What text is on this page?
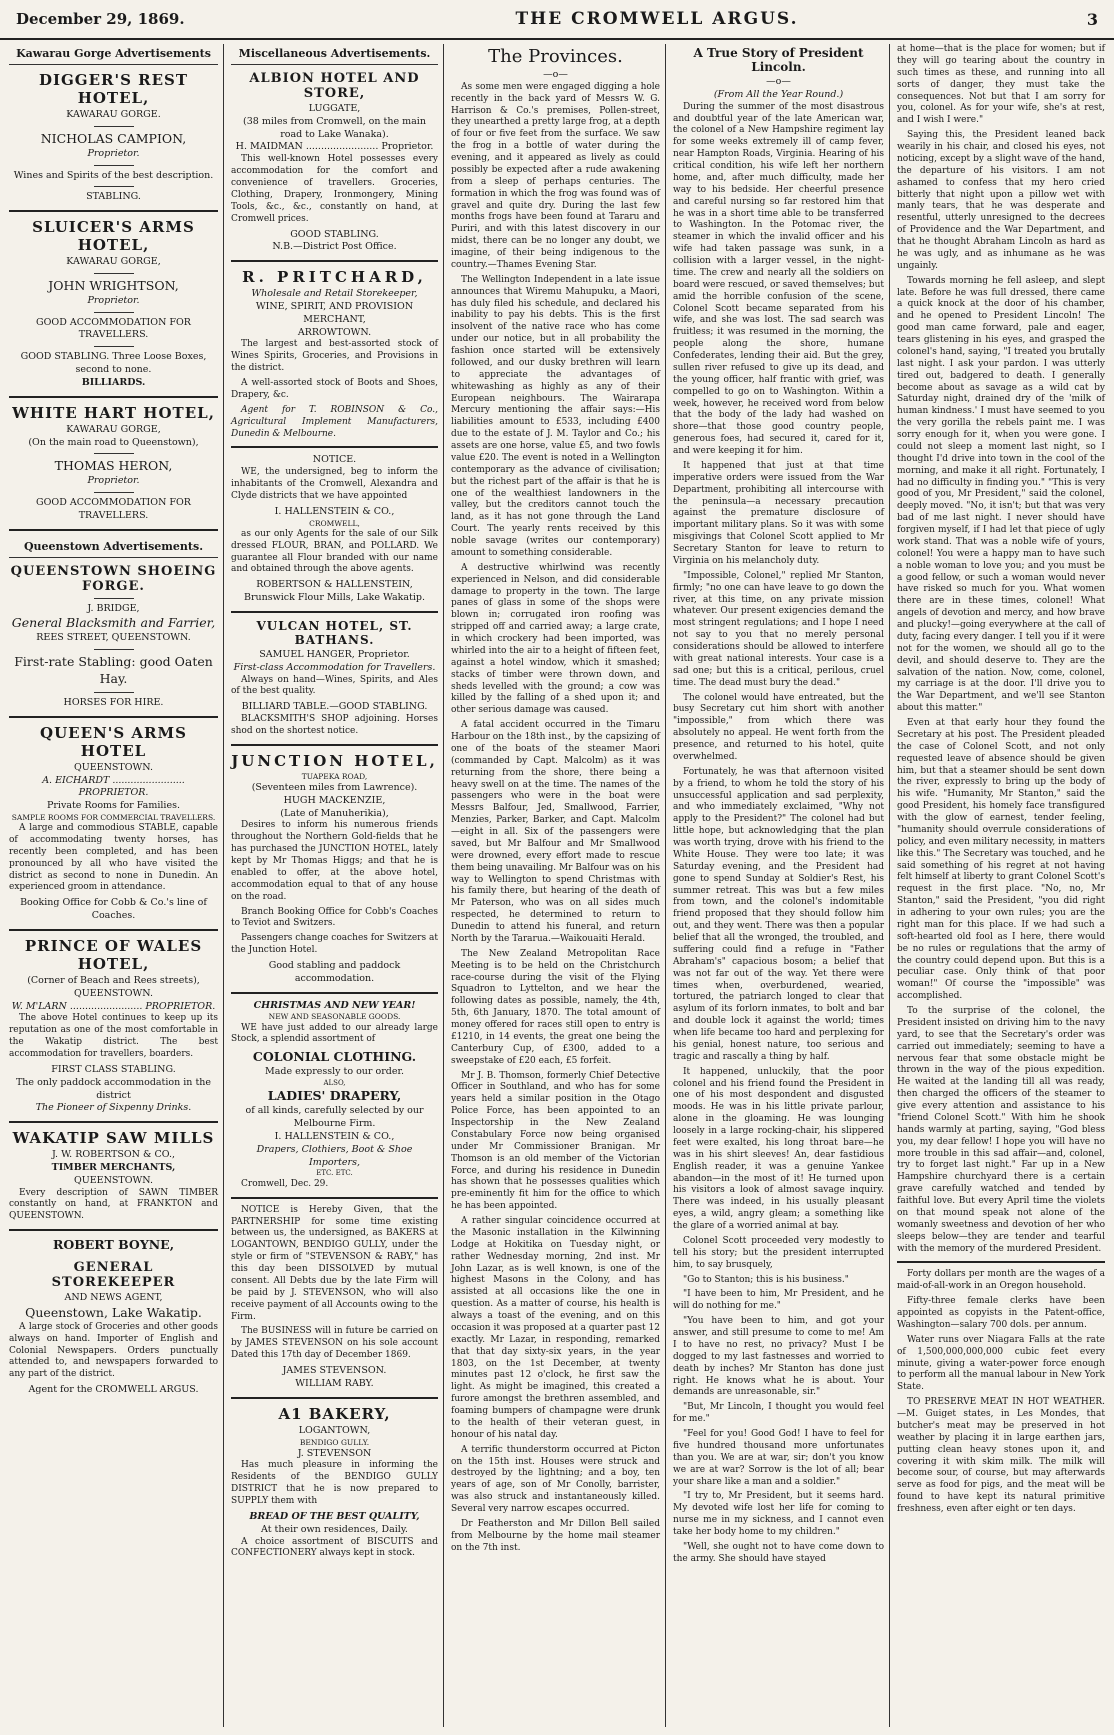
December 29, 1869.	THE CROMWELL ARGUS.	3
Kawarau Gorge Advertisements
DIGGER'S REST HOTEL,
KAWARAU GORGE.
NICHOLAS CAMPION,
Proprietor.
Wines and Spirits of the best description.
STABLING.
SLUICER'S ARMS HOTEL,
KAWARAU GORGE,
JOHN WRIGHTSON,
Proprietor.
GOOD ACCOMMODATION FOR TRAVELLERS.
GOOD STABLING. Three Loose Boxes, second to none.
BILLIARDS.
WHITE HART HOTEL,
KAWARAU GORGE,
(On the main road to Queenstown),
THOMAS HERON,
Proprietor.
GOOD ACCOMMODATION FOR TRAVELLERS.
Queenstown Advertisements.
QUEENSTOWN SHOEING FORGE.
J. BRIDGE,
General Blacksmith and Farrier,
REES STREET, QUEENSTOWN.
First-rate Stabling: good Oaten Hay.
HORSES FOR HIRE.
QUEEN'S ARMS HOTEL
QUEENSTOWN.
A. EICHARDT ........................ PROPRIETOR.
Private Rooms for Families.
SAMPLE ROOMS FOR COMMERCIAL TRAVELLERS.
A large and commodious STABLE, capable of accommodating twenty horses, has recently been completed, and has been pronounced by all who have visited the district as second to none in Dunedin. An experienced groom in attendance.
Booking Office for Cobb & Co.'s line of Coaches.
PRINCE OF WALES HOTEL,
(Corner of Beach and Rees streets),
QUEENSTOWN.
W. M'LARN ........................ PROPRIETOR.
The above Hotel continues to keep up its reputation as one of the most comfortable in the Wakatip district. The best accommodation for travellers, boarders.
FIRST CLASS STABLING.
The only paddock accommodation in the district
The Pioneer of Sixpenny Drinks.
WAKATIP SAW MILLS
J. W. ROBERTSON & CO.,
TIMBER MERCHANTS,
QUEENSTOWN.
Every description of SAWN TIMBER constantly on hand, at FRANKTON and QUEENSTOWN.
ROBERT BOYNE,
GENERAL STOREKEEPER
AND NEWS AGENT,
Queenstown, Lake Wakatip.
A large stock of Groceries and other goods always on hand. Importer of English and Colonial Newspapers. Orders punctually attended to, and newspapers forwarded to any part of the district.
Agent for the CROMWELL ARGUS.
Miscellaneous Advertisements.
ALBION HOTEL AND STORE,
LUGGATE,
(38 miles from Cromwell, on the main road to Lake Wanaka).
H. MAIDMAN ........................ Proprietor.
This well-known Hotel possesses every accommodation for the comfort and convenience of travellers. Groceries, Clothing, Drapery, Ironmongery, Mining Tools, &c., &c., constantly on hand, at Cromwell prices.
GOOD STABLING.
N.B.—District Post Office.
R. PRITCHARD,
Wholesale and Retail Storekeeper,
WINE, SPIRIT, AND PROVISION MERCHANT,
ARROWTOWN.
The largest and best-assorted stock of Wines Spirits, Groceries, and Provisions in the district.
A well-assorted stock of Boots and Shoes, Drapery, &c.
Agent for T. ROBINSON & Co., Agricultural Implement Manufacturers, Dunedin & Melbourne.
NOTICE.
WE, the undersigned, beg to inform the inhabitants of the Cromwell, Alexandra and Clyde districts that we have appointed
I. HALLENSTEIN & CO.,
CROMWELL,
as our only Agents for the sale of our Silk dressed FLOUR, BRAN, and POLLARD. We guarantee all Flour branded with our name and obtained through the above agents.
ROBERTSON & HALLENSTEIN,
Brunswick Flour Mills, Lake Wakatip.
VULCAN HOTEL, ST. BATHANS.
SAMUEL HANGER, Proprietor.
First-class Accommodation for Travellers.
Always on hand—Wines, Spirits, and Ales of the best quality.
BILLIARD TABLE.—GOOD STABLING.
BLACKSMITH'S SHOP adjoining. Horses shod on the shortest notice.
JUNCTION HOTEL,
TUAPEKA ROAD,
(Seventeen miles from Lawrence).
HUGH MACKENZIE,
(Late of Manuherikia),
Desires to inform his numerous friends throughout the Northern Gold-fields that he has purchased the JUNCTION HOTEL, lately kept by Mr Thomas Higgs; and that he is enabled to offer, at the above hotel, accommodation equal to that of any house on the road.
Branch Booking Office for Cobb's Coaches to Teviot and Switzers.
Passengers change coaches for Switzers at the Junction Hotel.
Good stabling and paddock accommodation.
CHRISTMAS AND NEW YEAR!
NEW AND SEASONABLE GOODS.
WE have just added to our already large Stock, a splendid assortment of
COLONIAL CLOTHING.
Made expressly to our order.
ALSO,
LADIES' DRAPERY,
of all kinds, carefully selected by our Melbourne Firm.
I. HALLENSTEIN & CO.,
Drapers, Clothiers, Boot & Shoe Importers,
ETC. ETC.
Cromwell, Dec. 29.
NOTICE is Hereby Given, that the PARTNERSHIP for some time existing between us, the undersigned, as BAKERS at LOGANTOWN, BENDIGO GULLY, under the style or firm of "STEVENSON & RABY," has this day been DISSOLVED by mutual consent. All Debts due by the late Firm will be paid by J. STEVENSON, who will also receive payment of all Accounts owing to the Firm.
The BUSINESS will in future be carried on by JAMES STEVENSON on his sole account Dated this 17th day of December 1869.
JAMES STEVENSON.
WILLIAM RABY.
A1 BAKERY,
LOGANTOWN,
BENDIGO GULLY.
J. STEVENSON
Has much pleasure in informing the Residents of the BENDIGO GULLY DISTRICT that he is now prepared to SUPPLY them with
BREAD OF THE BEST QUALITY,
At their own residences, Daily.
A choice assortment of BISCUITS and CONFECTIONERY always kept in stock.
The Provinces.
—o—

As some men were engaged digging a hole recently in the back yard of Messrs W. G. Harrison & Co.'s premises, Pollen-street, they unearthed a pretty large frog, at a depth of four or five feet from the surface. We saw the frog in a bottle of water during the evening, and it appeared as lively as could possibly be expected after a rude awakening from a sleep of perhaps centuries. The formation in which the frog was found was of gravel and quite dry. During the last few months frogs have been found at Tararu and Puriri, and with this latest discovery in our midst, there can be no longer any doubt, we imagine, of their being indigenous to the country.—Thames Evening Star.

The Wellington Independent in a late issue announces that Wiremu Mahupuku, a Maori, has duly filed his schedule, and declared his inability to pay his debts. This is the first insolvent of the native race who has come under our notice, but in all probability the fashion once started will be extensively followed, and our dusky brethren will learn to appreciate the advantages of whitewashing as highly as any of their European neighbours. The Wairarapa Mercury mentioning the affair says:—His liabilities amount to £533, including £400 due to the estate of J. M. Taylor and Co.; his assets are one horse, value £5, and two fowls value £20. The event is noted in a Wellington contemporary as the advance of civilisation; but the richest part of the affair is that he is one of the wealthiest landowners in the valley, but the creditors cannot touch the land, as it has not gone through the Land Court. The yearly rents received by this noble savage (writes our contemporary) amount to something considerable.

A destructive whirlwind was recently experienced in Nelson, and did considerable damage to property in the town. The large panes of glass in some of the shops were blown in; corrugated iron roofing was stripped off and carried away; a large crate, in which crockery had been imported, was whirled into the air to a height of fifteen feet, against a hotel window, which it smashed; stacks of timber were thrown down, and sheds levelled with the ground; a cow was killed by the falling of a shed upon it; and other serious damage was caused.

A fatal accident occurred in the Timaru Harbour on the 18th inst., by the capsizing of one of the boats of the steamer Maori (commanded by Capt. Malcolm) as it was returning from the shore, there being a heavy swell on at the time. The names of the passengers who were in the boat were Messrs Balfour, Jed, Smallwood, Farrier, Menzies, Parker, Barker, and Capt. Malcolm—eight in all. Six of the passengers were saved, but Mr Balfour and Mr Smallwood were drowned, every effort made to rescue them being unavailing. Mr Balfour was on his way to Wellington to spend Christmas with his family there, but hearing of the death of Mr Paterson, who was on all sides much respected, he determined to return to Dunedin to attend his funeral, and return North by the Tararua.—Waikouaiti Herald.

The New Zealand Metropolitan Race Meeting is to be held on the Christchurch race-course during the visit of the Flying Squadron to Lyttelton, and we hear the following dates as possible, namely, the 4th, 5th, 6th January, 1870. The total amount of money offered for races still open to entry is £1210, in 14 events, the great one being the Canterbury Cup, of £300, added to a sweepstake of £20 each, £5 forfeit.

Mr J. B. Thomson, formerly Chief Detective Officer in Southland, and who has for some years held a similar position in the Otago Police Force, has been appointed to an Inspectorship in the New Zealand Constabulary Force now being organised under Mr Commissioner Branigan. Mr Thomson is an old member of the Victorian Force, and during his residence in Dunedin has shown that he possesses qualities which pre-eminently fit him for the office to which he has been appointed.

A rather singular coincidence occurred at the Masonic installation in the Kilwinning Lodge at Hokitika on Tuesday night, or rather Wednesday morning, 2nd inst. Mr John Lazar, as is well known, is one of the highest Masons in the Colony, and has assisted at all occasions like the one in question. As a matter of course, his health is always a toast of the evening, and on this occasion it was proposed at a quarter past 12 exactly. Mr Lazar, in responding, remarked that that day sixty-six years, in the year 1803, on the 1st December, at twenty minutes past 12 o'clock, he first saw the light. As might be imagined, this created a furore amongst the brethren assembled, and foaming bumpers of champagne were drunk to the health of their veteran guest, in honour of his natal day.

A terrific thunderstorm occurred at Picton on the 15th inst. Houses were struck and destroyed by the lightning; and a boy, ten years of age, son of Mr Conolly, barrister, was also struck and instantaneously killed. Several very narrow escapes occurred.

Dr Featherston and Mr Dillon Bell sailed from Melbourne by the home mail steamer on the 7th inst.

A True Story of President Lincoln.
—o—
(From All the Year Round.)

During the summer of the most disastrous and doubtful year of the late American war, the colonel of a New Hampshire regiment lay for some weeks extremely ill of camp fever, near Hampton Roads, Virginia. Hearing of his critical condition, his wife left her northern home, and, after much difficulty, made her way to his bedside. Her cheerful presence and careful nursing so far restored him that he was in a short time able to be transferred to Washington. In the Potomac river, the steamer in which the invalid officer and his wife had taken passage was sunk, in a collision with a larger vessel, in the night-time. The crew and nearly all the soldiers on board were rescued, or saved themselves; but amid the horrible confusion of the scene, Colonel Scott became separated from his wife, and she was lost. The sad search was fruitless; it was resumed in the morning, the people along the shore, humane Confederates, lending their aid. But the grey, sullen river refused to give up its dead, and the young officer, half frantic with grief, was compelled to go on to Washington. Within a week, however, he received word from below that the body of the lady had washed on shore—that those good country people, generous foes, had secured it, cared for it, and were keeping it for him.

It happened that just at that time imperative orders were issued from the War Department, prohibiting all intercourse with the peninsula—a necessary precaution against the premature disclosure of important military plans. So it was with some misgivings that Colonel Scott applied to Mr Secretary Stanton for leave to return to Virginia on his melancholy duty.

"Impossible, Colonel," replied Mr Stanton, firmly; "no one can have leave to go down the river, at this time, on any private mission whatever. Our present exigencies demand the most stringent regulations; and I hope I need not say to you that no merely personal considerations should be allowed to interfere with great national interests. Your case is a sad one; but this is a critical, perilous, cruel time. The dead must bury the dead."

The colonel would have entreated, but the busy Secretary cut him short with another "impossible," from which there was absolutely no appeal. He went forth from the presence, and returned to his hotel, quite overwhelmed.

Fortunately, he was that afternoon visited by a friend, to whom he told the story of his unsuccessful application and sad perplexity, and who immediately exclaimed, "Why not apply to the President?" The colonel had but little hope, but acknowledging that the plan was worth trying, drove with his friend to the White House. They were too late; it was Saturday evening, and the President had gone to spend Sunday at Soldier's Rest, his summer retreat. This was but a few miles from town, and the colonel's indomitable friend proposed that they should follow him out, and they went. There was then a popular belief that all the wronged, the troubled, and suffering could find a refuge in "Father Abraham's" capacious bosom; a belief that was not far out of the way. Yet there were times when, overburdened, wearied, tortured, the patriarch longed to clear that asylum of its forlorn inmates, to bolt and bar and double lock it against the world; times when life became too hard and perplexing for his genial, honest nature, too serious and tragic and rascally a thing by half.

It happened, unluckily, that the poor colonel and his friend found the President in one of his most despondent and disgusted moods. He was in his little private parlour, alone in the gloaming. He was lounging loosely in a large rocking-chair, his slippered feet were exalted, his long throat bare—he was in his shirt sleeves! An, dear fastidious English reader, it was a genuine Yankee abandon—in the most of it! He turned upon his visitors a look of almost savage inquiry. There was indeed, in his usually pleasant eyes, a wild, angry gleam; a something like the glare of a worried animal at bay.

Colonel Scott proceeded very modestly to tell his story; but the president interrupted him, to say brusquely,

"Go to Stanton; this is his business."

"I have been to him, Mr President, and he will do nothing for me."

"You have been to him, and got your answer, and still presume to come to me! Am I to have no rest, no privacy? Must I be dogged to my last fastnesses and worried to death by inches? Mr Stanton has done just right. He knows what he is about. Your demands are unreasonable, sir."

"But, Mr Lincoln, I thought you would feel for me."

"Feel for you! Good God! I have to feel for five hundred thousand more unfortunates than you. We are at war, sir; don't you know we are at war? Sorrow is the lot of all; bear your share like a man and a soldier."

"I try to, Mr President, but it seems hard. My devoted wife lost her life for coming to nurse me in my sickness, and I cannot even take her body home to my children."

"Well, she ought not to have come down to the army. She should have stayed

at home—that is the place for women; but if they will go tearing about the country in such times as these, and running into all sorts of danger, they must take the consequences. Not but that I am sorry for you, colonel. As for your wife, she's at rest, and I wish I were."

Saying this, the President leaned back wearily in his chair, and closed his eyes, not noticing, except by a slight wave of the hand, the departure of his visitors. I am not ashamed to confess that my hero cried bitterly that night upon a pillow wet with manly tears, that he was desperate and resentful, utterly unresigned to the decrees of Providence and the War Department, and that he thought Abraham Lincoln as hard as he was ugly, and as inhumane as he was ungainly.

Towards morning he fell asleep, and slept late. Before he was full dressed, there came a quick knock at the door of his chamber, and he opened to President Lincoln! The good man came forward, pale and eager, tears glistening in his eyes, and grasped the colonel's hand, saying, "I treated you brutally last night. I ask your pardon. I was utterly tired out, badgered to death. I generally become about as savage as a wild cat by Saturday night, drained dry of the 'milk of human kindness.' I must have seemed to you the very gorilla the rebels paint me. I was sorry enough for it, when you were gone. I could not sleep a moment last night, so I thought I'd drive into town in the cool of the morning, and make it all right. Fortunately, I had no difficulty in finding you." "This is very good of you, Mr President," said the colonel, deeply moved. "No, it isn't; but that was very bad of me last night. I never should have forgiven myself, if I had let that piece of ugly work stand. That was a noble wife of yours, colonel! You were a happy man to have such a noble woman to love you; and you must be a good fellow, or such a woman would never have risked so much for you. What women there are in these times, colonel! What angels of devotion and mercy, and how brave and plucky!—going everywhere at the call of duty, facing every danger. I tell you if it were not for the women, we should all go to the devil, and should deserve to. They are the salvation of the nation. Now, come, colonel, my carriage is at the door. I'll drive you to the War Department, and we'll see Stanton about this matter."

Even at that early hour they found the Secretary at his post. The President pleaded the case of Colonel Scott, and not only requested leave of absence should be given him, but that a steamer should be sent down the river, expressly to bring up the body of his wife. "Humanity, Mr Stanton," said the good President, his homely face transfigured with the glow of earnest, tender feeling, "humanity should overrule considerations of policy, and even military necessity, in matters like this." The Secretary was touched, and he said something of his regret at not having felt himself at liberty to grant Colonel Scott's request in the first place. "No, no, Mr Stanton," said the President, "you did right in adhering to your own rules; you are the right man for this place. If we had such a soft-hearted old fool as I here, there would be no rules or regulations that the army of the country could depend upon. But this is a peculiar case. Only think of that poor woman!" Of course the "impossible" was accomplished.

To the surprise of the colonel, the President insisted on driving him to the navy yard, to see that the Secretary's order was carried out immediately; seeming to have a nervous fear that some obstacle might be thrown in the way of the pious expedition. He waited at the landing till all was ready, then charged the officers of the steamer to give every attention and assistance to his "friend Colonel Scott." With him he shook hands warmly at parting, saying, "God bless you, my dear fellow! I hope you will have no more trouble in this sad affair—and, colonel, try to forget last night." Far up in a New Hampshire churchyard there is a certain grave carefully watched and tended by faithful love. But every April time the violets on that mound speak not alone of the womanly sweetness and devotion of her who sleeps below—they are tender and tearful with the memory of the murdered President.

Forty dollars per month are the wages of a maid-of-all-work in an Oregon household.

Fifty-three female clerks have been appointed as copyists in the Patent-office, Washington—salary 700 dols. per annum.

Water runs over Niagara Falls at the rate of 1,500,000,000,000 cubic feet every minute, giving a water-power force enough to perform all the manual labour in New York State.

TO PRESERVE MEAT IN HOT WEATHER.—M. Guiget states, in Les Mondes, that butcher's meat may be preserved in hot weather by placing it in large earthen jars, putting clean heavy stones upon it, and covering it with skim milk. The milk will become sour, of course, but may afterwards serve as food for pigs, and the meat will be found to have kept its natural primitive freshness, even after eight or ten days.
